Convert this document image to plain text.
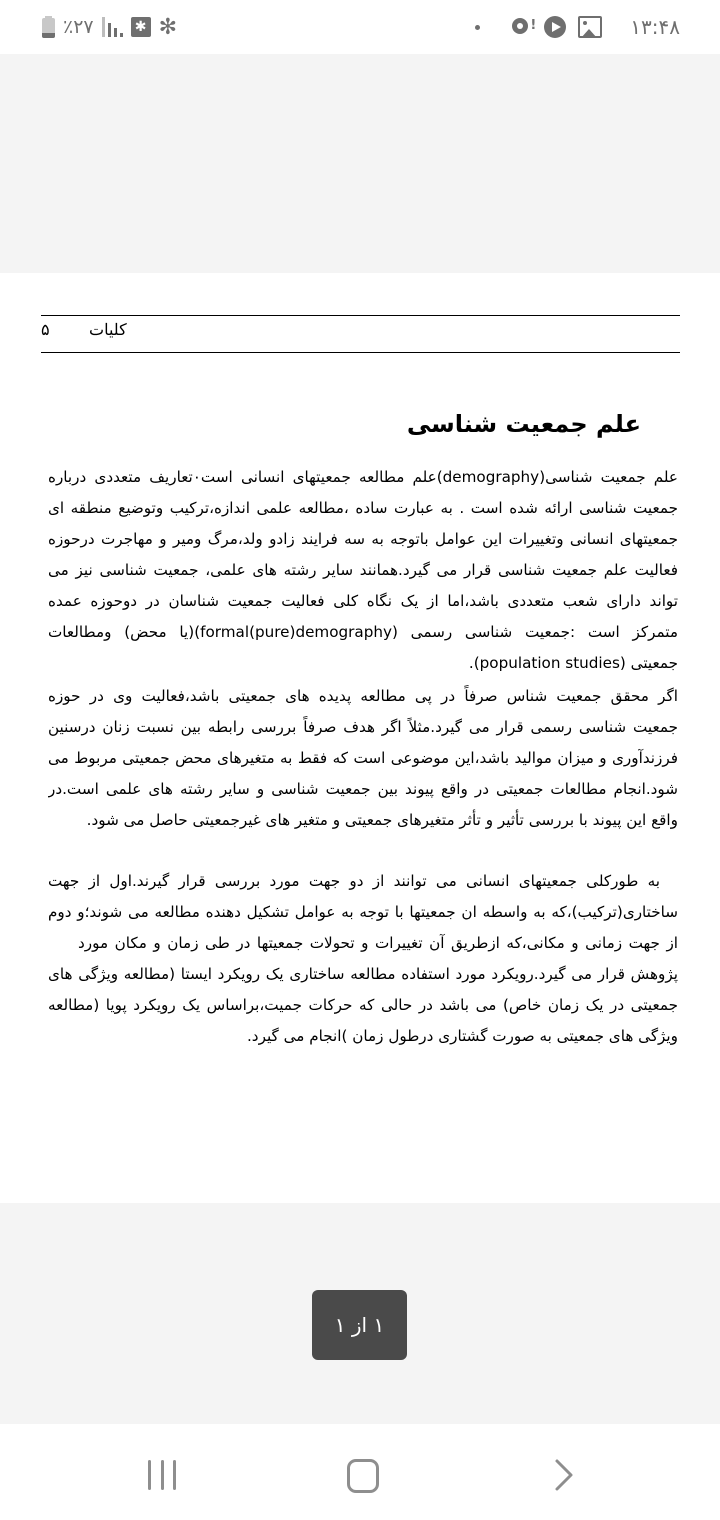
٪۲۷	✱ ✻	!	۱۳:۴۸
۵ کلیات
علم جمعیت شناسی
علم جمعیت شناسی(demography)علم مطالعه جمعیتهای انسانی است٠تعاریف متعددی درباره
جمعیت شناسی ارائه شده است . به عبارت ساده ،مطالعه علمی اندازه،ترکیب وتوضیع منطقه ای
جمعیتهای انسانی وتغییرات این عوامل باتوجه به سه فرایند زادو ولد،مرگ ومیر و مهاجرت درحوزه
فعالیت علم جمعیت شناسی قرار می گیرد.همانند سایر رشته های علمی، جمعیت شناسی نیز می
تواند دارای شعب متعددی باشد،اما از یک نگاه کلی فعالیت جمعیت شناسان در دوحوزه عمده
متمرکز است :جمعیت شناسی رسمی (formal(pure)demography)(یا محض) ومطالعات
جمعیتی (population studies).
اگر محقق جمعیت شناس صرفاً در پی مطالعه پدیده های جمعیتی باشد،فعالیت وی در حوزه
جمعیت شناسی رسمی قرار می گیرد.مثلاً اگر هدف صرفاً بررسی رابطه بین نسبت زنان درسنین
فرزندآوری و میزان موالید باشد،این موضوعی است که فقط به متغیرهای محض جمعیتی مربوط می
شود.انجام مطالعات جمعیتی در واقع پیوند بین جمعیت شناسی و سایر رشته های علمی است.در
واقع این پیوند با بررسی تأثیر و تأثر متغیرهای جمعیتی و متغیر های غیرجمعیتی حاصل می شود.
به طورکلی جمعیتهای انسانی می توانند از دو جهت مورد بررسی قرار گیرند.اول از جهت
ساختاری(ترکیب)،که به واسطه ان جمعیتها با توجه به عوامل تشکیل دهنده مطالعه می شوند؛و دوم
از جهت زمانی و مکانی،که ازطریق آن تغییرات و تحولات جمعیتها در طی زمان و مکان مورد
پژوهش قرار می گیرد.رویکرد مورد استفاده مطالعه ساختاری یک رویکرد ایستا (مطالعه ویژگی های
جمعیتی در یک زمان خاص) می باشد در حالی که حرکات جمیت،براساس یک رویکرد پویا (مطالعه
ویژگی های جمعیتی به صورت گشتاری درطول زمان )انجام می گیرد.
۱ از ۱
